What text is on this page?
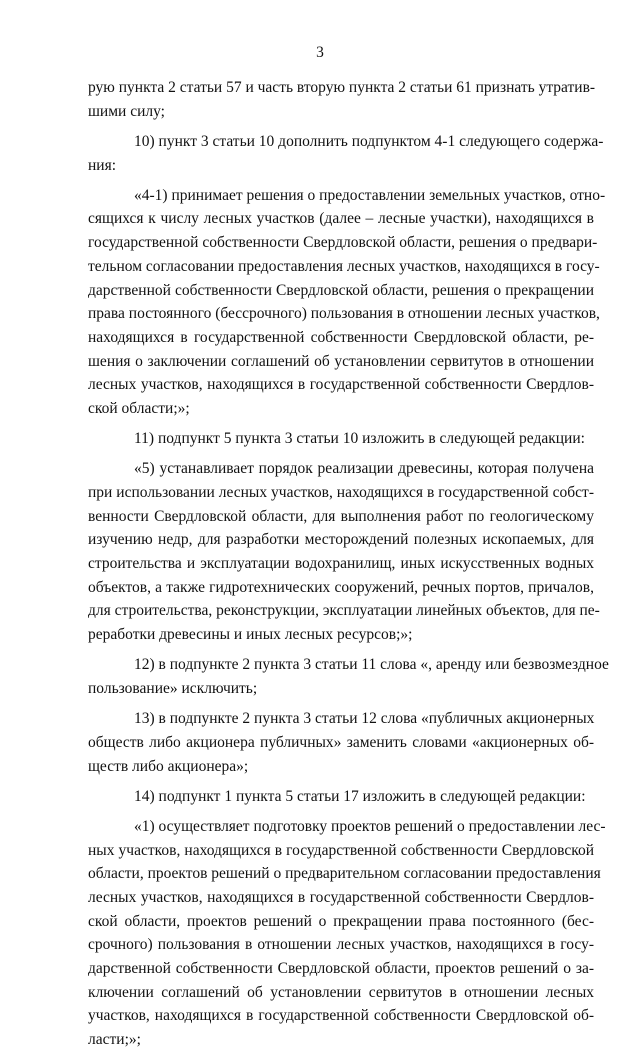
3
рую пункта 2 статьи 57 и часть вторую пункта 2 статьи 61 признать утратив-
шими силу;
10) пункт 3 статьи 10 дополнить подпунктом 4-1 следующего содержа-
ния:
«4-1) принимает решения о предоставлении земельных участков, отно-
сящихся к числу лесных участков (далее – лесные участки), находящихся в
государственной собственности Свердловской области, решения о предвари-
тельном согласовании предоставления лесных участков, находящихся в госу-
дарственной собственности Свердловской области, решения о прекращении
права постоянного (бессрочного) пользования в отношении лесных участков,
находящихся в государственной собственности Свердловской области, ре-
шения о заключении соглашений об установлении сервитутов в отношении
лесных участков, находящихся в государственной собственности Свердлов-
ской области;»;
11) подпункт 5 пункта 3 статьи 10 изложить в следующей редакции:
«5) устанавливает порядок реализации древесины, которая получена
при использовании лесных участков, находящихся в государственной собст-
венности Свердловской области, для выполнения работ по геологическому
изучению недр, для разработки месторождений полезных ископаемых, для
строительства и эксплуатации водохранилищ, иных искусственных водных
объектов, а также гидротехнических сооружений, речных портов, причалов,
для строительства, реконструкции, эксплуатации линейных объектов, для пе-
реработки древесины и иных лесных ресурсов;»;
12) в подпункте 2 пункта 3 статьи 11 слова «, аренду или безвозмездное
пользование» исключить;
13) в подпункте 2 пункта 3 статьи 12 слова «публичных акционерных
обществ либо акционера публичных» заменить словами «акционерных об-
ществ либо акционера»;
14) подпункт 1 пункта 5 статьи 17 изложить в следующей редакции:
«1) осуществляет подготовку проектов решений о предоставлении лес-
ных участков, находящихся в государственной собственности Свердловской
области, проектов решений о предварительном согласовании предоставления
лесных участков, находящихся в государственной собственности Свердлов-
ской области, проектов решений о прекращении права постоянного (бес-
срочного) пользования в отношении лесных участков, находящихся в госу-
дарственной собственности Свердловской области, проектов решений о за-
ключении соглашений об установлении сервитутов в отношении лесных
участков, находящихся в государственной собственности Свердловской об-
ласти;»;
